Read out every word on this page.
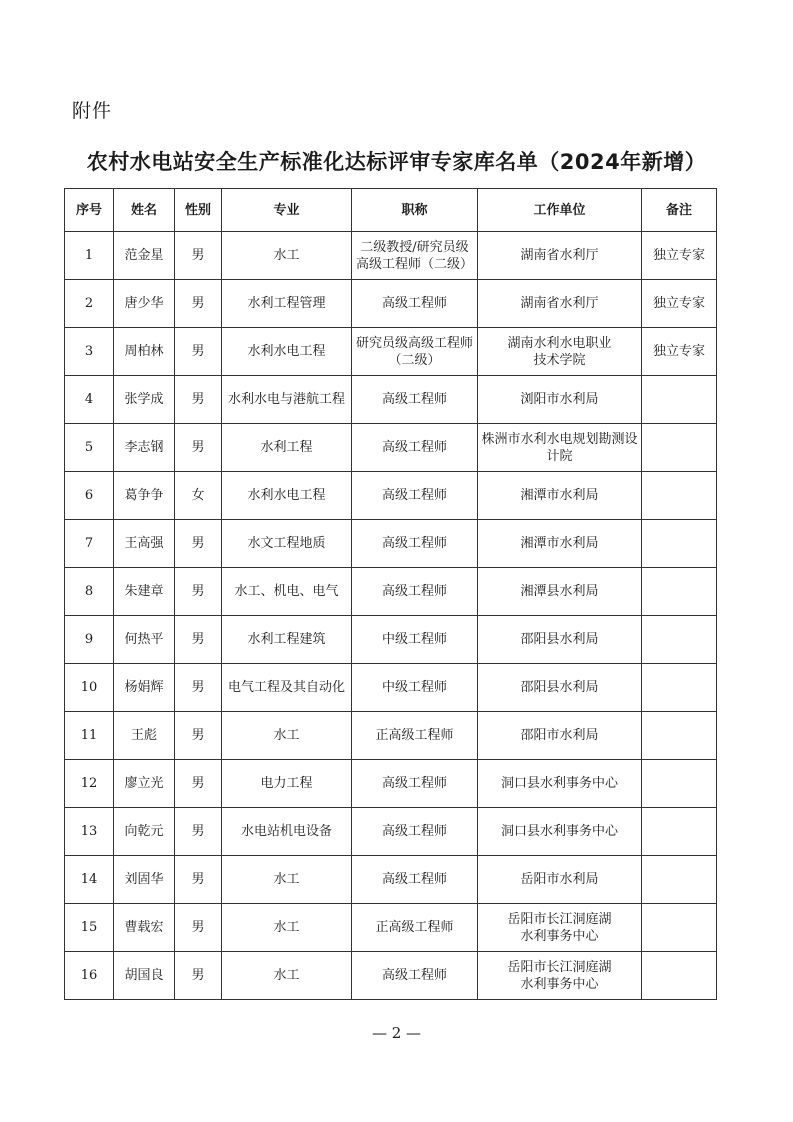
附件
农村水电站安全生产标准化达标评审专家库名单（2024年新增）
序号	姓名	性别	专业	职称	工作单位	备注
1	范金星	男	水工	二级教授/研究员级
高级工程师（二级）	湖南省水利厅	独立专家
2	唐少华	男	水利工程管理	高级工程师	湖南省水利厅	独立专家
3	周柏林	男	水利水电工程	研究员级高级工程师
（二级）	湖南水利水电职业
技术学院	独立专家
4	张学成	男	水利水电与港航工程	高级工程师	浏阳市水利局	
5	李志钢	男	水利工程	高级工程师	株洲市水利水电规划勘测设
计院	
6	葛争争	女	水利水电工程	高级工程师	湘潭市水利局	
7	王高强	男	水文工程地质	高级工程师	湘潭市水利局	
8	朱建章	男	水工、机电、电气	高级工程师	湘潭县水利局	
9	何热平	男	水利工程建筑	中级工程师	邵阳县水利局	
10	杨娟辉	男	电气工程及其自动化	中级工程师	邵阳县水利局	
11	王彪	男	水工	正高级工程师	邵阳市水利局	
12	廖立光	男	电力工程	高级工程师	洞口县水利事务中心	
13	向乾元	男	水电站机电设备	高级工程师	洞口县水利事务中心	
14	刘固华	男	水工	高级工程师	岳阳市水利局	
15	曹载宏	男	水工	正高级工程师	岳阳市长江洞庭湖
水利事务中心	
16	胡国良	男	水工	高级工程师	岳阳市长江洞庭湖
水利事务中心	
— 2 —
